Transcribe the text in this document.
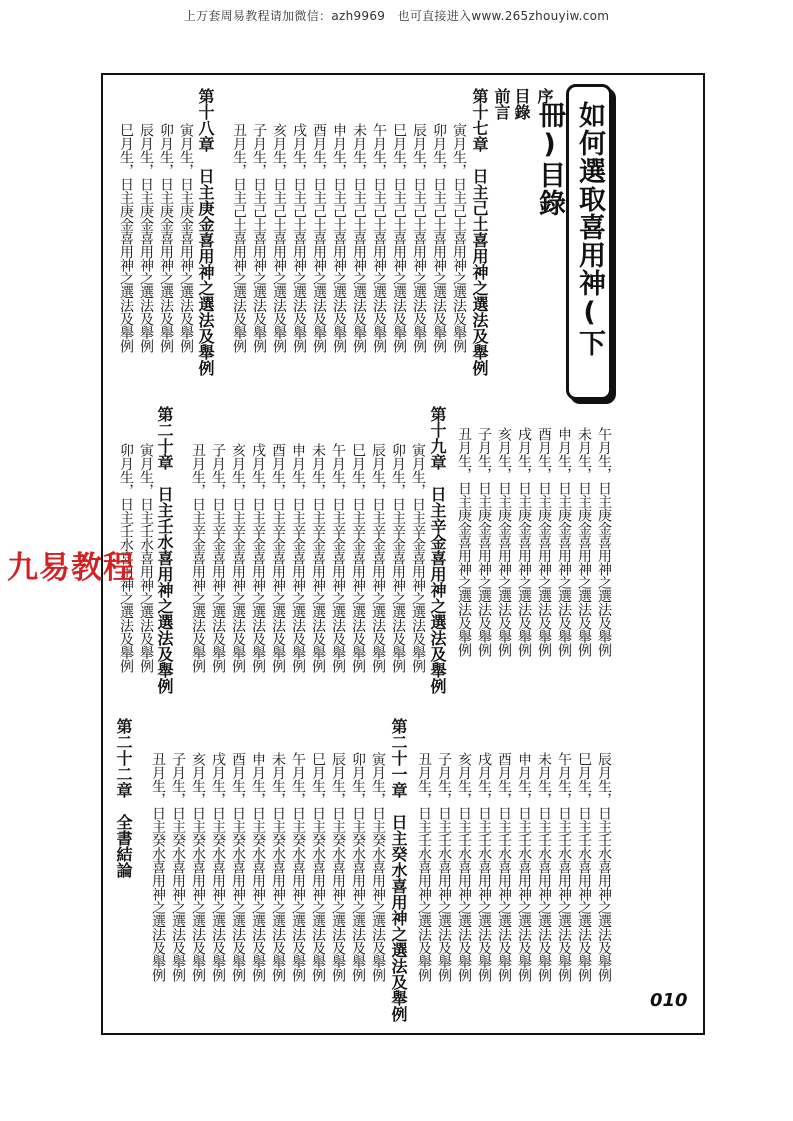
上万套周易教程请加微信：azh9969　也可直接进入www.265zhouyiw.com
如何選取喜用神(下冊)目錄
序
目錄
前言
第十七章　日主己土喜用神之選法及舉例
第十八章　日主庚金喜用神之選法及舉例
第十九章　日主辛金喜用神之選法及舉例
第二十章　日主壬水喜用神之選法及舉例
第二十一章　日主癸水喜用神之選法及舉例
第二十二章　全書結論
寅月生，日主己土喜用神之選法及舉例
卯月生，日主己土喜用神之選法及舉例
辰月生，日主己土喜用神之選法及舉例
巳月生，日主己土喜用神之選法及舉例
午月生，日主己土喜用神之選法及舉例
未月生，日主己土喜用神之選法及舉例
申月生，日主己土喜用神之選法及舉例
酉月生，日主己土喜用神之選法及舉例
戌月生，日主己土喜用神之選法及舉例
亥月生，日主己土喜用神之選法及舉例
子月生，日主己土喜用神之選法及舉例
丑月生，日主己土喜用神之選法及舉例
寅月生，日主庚金喜用神之選法及舉例
卯月生，日主庚金喜用神之選法及舉例
辰月生，日主庚金喜用神之選法及舉例
巳月生，日主庚金喜用神之選法及舉例
午月生，日主庚金喜用神之選法及舉例
未月生，日主庚金喜用神之選法及舉例
申月生，日主庚金喜用神之選法及舉例
酉月生，日主庚金喜用神之選法及舉例
戌月生，日主庚金喜用神之選法及舉例
亥月生，日主庚金喜用神之選法及舉例
子月生，日主庚金喜用神之選法及舉例
丑月生，日主庚金喜用神之選法及舉例
寅月生，日主辛金喜用神之選法及舉例
卯月生，日主辛金喜用神之選法及舉例
辰月生，日主辛金喜用神之選法及舉例
巳月生，日主辛金喜用神之選法及舉例
午月生，日主辛金喜用神之選法及舉例
未月生，日主辛金喜用神之選法及舉例
申月生，日主辛金喜用神之選法及舉例
酉月生，日主辛金喜用神之選法及舉例
戌月生，日主辛金喜用神之選法及舉例
亥月生，日主辛金喜用神之選法及舉例
子月生，日主辛金喜用神之選法及舉例
丑月生，日主辛金喜用神之選法及舉例
寅月生，日主壬水喜用神之選法及舉例
卯月生，日主壬水喜用神之選法及舉例
辰月生，日主壬水喜用神之選法及舉例
巳月生，日主壬水喜用神之選法及舉例
午月生，日主壬水喜用神之選法及舉例
未月生，日主壬水喜用神之選法及舉例
申月生，日主壬水喜用神之選法及舉例
酉月生，日主壬水喜用神之選法及舉例
戌月生，日主壬水喜用神之選法及舉例
亥月生，日主壬水喜用神之選法及舉例
子月生，日主壬水喜用神之選法及舉例
丑月生，日主壬水喜用神之選法及舉例
寅月生，日主癸水喜用神之選法及舉例
卯月生，日主癸水喜用神之選法及舉例
辰月生，日主癸水喜用神之選法及舉例
巳月生，日主癸水喜用神之選法及舉例
午月生，日主癸水喜用神之選法及舉例
未月生，日主癸水喜用神之選法及舉例
申月生，日主癸水喜用神之選法及舉例
酉月生，日主癸水喜用神之選法及舉例
戌月生，日主癸水喜用神之選法及舉例
亥月生，日主癸水喜用神之選法及舉例
子月生，日主癸水喜用神之選法及舉例
丑月生，日主癸水喜用神之選法及舉例
010
九易教程
